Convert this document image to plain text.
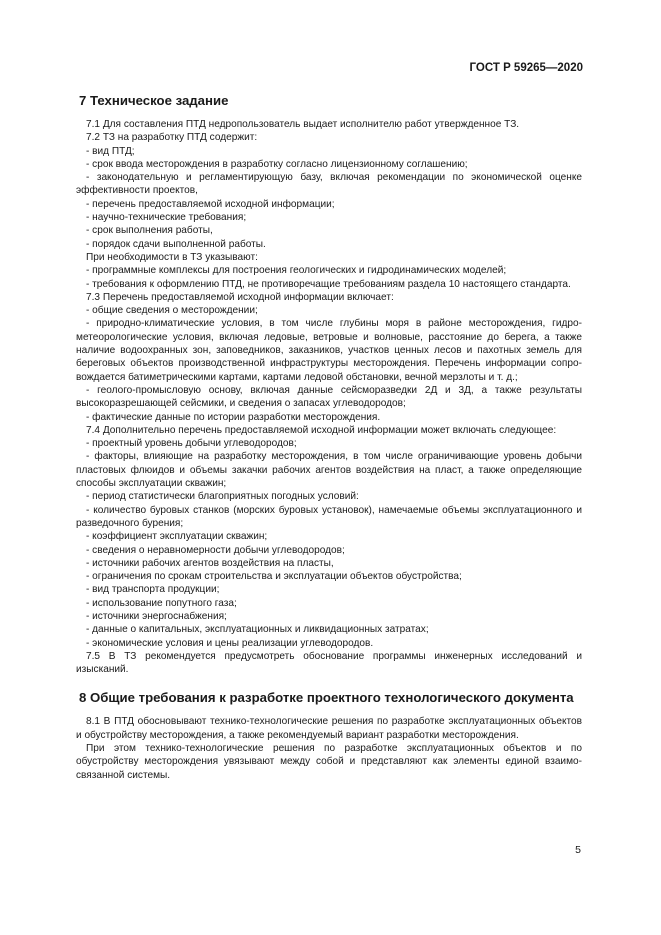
ГОСТ Р 59265—2020
7 Техническое задание

7.1 Для составления ПТД недропользователь выдает исполнителю работ утвержденное ТЗ.

7.2 ТЗ на разработку ПТД содержит:

- вид ПТД;

- срок ввода месторождения в разработку согласно лицензионному соглашению;

- законодательную и регламентирующую базу, включая рекомендации по экономической оценке эффективности проектов,

- перечень предоставляемой исходной информации;

- научно-технические требования;

- срок выполнения работы,

- порядок сдачи выполненной работы.

При необходимости в ТЗ указывают:

- программные комплексы для построения геологических и гидродинамических моделей;

- требования к оформлению ПТД, не противоречащие требованиям раздела 10 настоящего стандарта.

7.3 Перечень предоставляемой исходной информации включает:

- общие сведения о месторождении;

- природно-климатические условия, в том числе глубины моря в районе месторождения, гидрометеорологические условия, включая ледовые, ветровые и волновые, расстояние до берега, а также наличие водоохранных зон, заповедников, заказников, участков ценных лесов и пахотных земель для береговых объектов производственной инфраструктуры месторождения. Перечень информации сопровождается батиметрическими картами, картами ледовой обстановки, вечной мерзлоты и т. д.;

- геолого-промысловую основу, включая данные сейсморазведки 2Д и 3Д, а также результаты высокоразрешающей сейсмики, и сведения о запасах углеводородов;

- фактические данные по истории разработки месторождения.

7.4 Дополнительно перечень предоставляемой исходной информации может включать следующее:

- проектный уровень добычи углеводородов;

- факторы, влияющие на разработку месторождения, в том числе ограничивающие уровень добычи пластовых флюидов и объемы закачки рабочих агентов воздействия на пласт, а также определяющие способы эксплуатации скважин;

- период статистически благоприятных погодных условий:

- количество буровых станков (морских буровых установок), намечаемые объемы эксплуатационного и разведочного бурения;

- коэффициент эксплуатации скважин;

- сведения о неравномерности добычи углеводородов;

- источники рабочих агентов воздействия на пласты,

- ограничения по срокам строительства и эксплуатации объектов обустройства;

- вид транспорта продукции;

- использование попутного газа;

- источники энергоснабжения;

- данные о капитальных, эксплуатационных и ликвидационных затратах;

- экономические условия и цены реализации углеводородов.

7.5 В ТЗ рекомендуется предусмотреть обоснование программы инженерных исследований и изысканий.

8 Общие требования к разработке проектного технологического документа

8.1 В ПТД обосновывают технико-технологические решения по разработке эксплуатационных объектов и обустройству месторождения, а также рекомендуемый вариант разработки месторождения.

При этом технико-технологические решения по разработке эксплуатационных объектов и по обустройству месторождения увязывают между собой и представляют как элементы единой взаимосвязанной системы.

5
